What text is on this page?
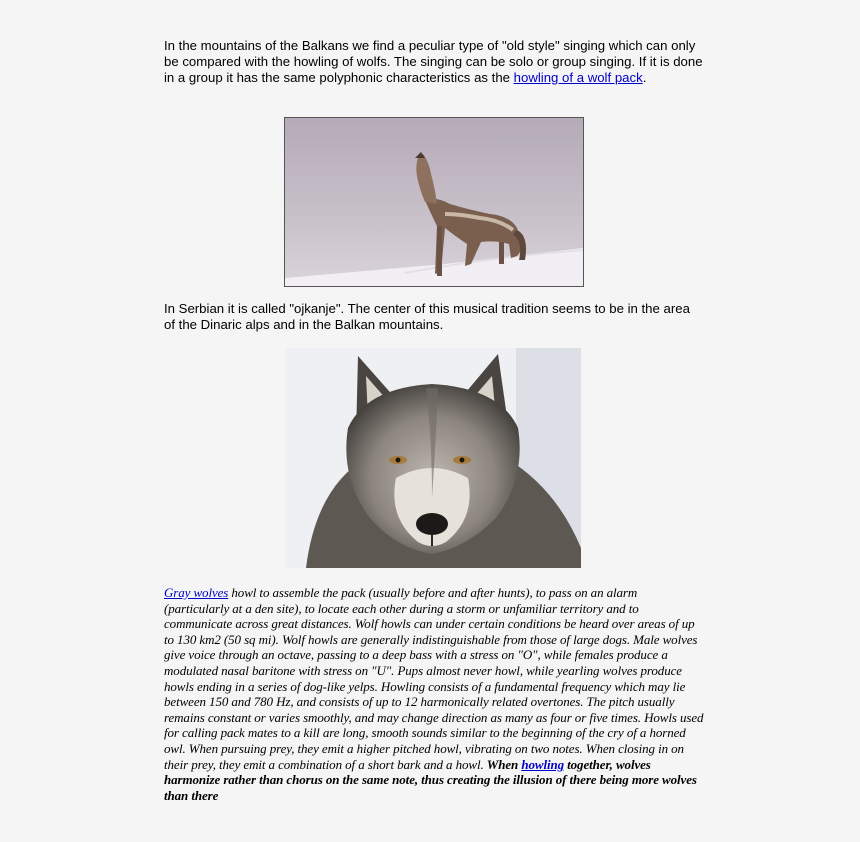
In the mountains of the Balkans we find a peculiar type of "old style" singing which can only be compared with the howling of wolfs. The singing can be solo or group singing. If it is done in a group it has the same polyphonic characteristics as the howling of a wolf pack.

In Serbian it is called "ojkanje". The center of this musical tradition seems to be in the area of the Dinaric alps and in the Balkan mountains.

Gray wolves howl to assemble the pack (usually before and after hunts), to pass on an alarm (particularly at a den site), to locate each other during a storm or unfamiliar territory and to communicate across great distances. Wolf howls can under certain conditions be heard over areas of up to 130 km2 (50 sq mi). Wolf howls are generally indistinguishable from those of large dogs. Male wolves give voice through an octave, passing to a deep bass with a stress on "O", while females produce a modulated nasal baritone with stress on "U". Pups almost never howl, while yearling wolves produce howls ending in a series of dog-like yelps. Howling consists of a fundamental frequency which may lie between 150 and 780 Hz, and consists of up to 12 harmonically related overtones. The pitch usually remains constant or varies smoothly, and may change direction as many as four or five times. Howls used for calling pack mates to a kill are long, smooth sounds similar to the beginning of the cry of a horned owl. When pursuing prey, they emit a higher pitched howl, vibrating on two notes. When closing in on their prey, they emit a combination of a short bark and a howl. When howling together, wolves harmonize rather than chorus on the same note, thus creating the illusion of there being more wolves than there
